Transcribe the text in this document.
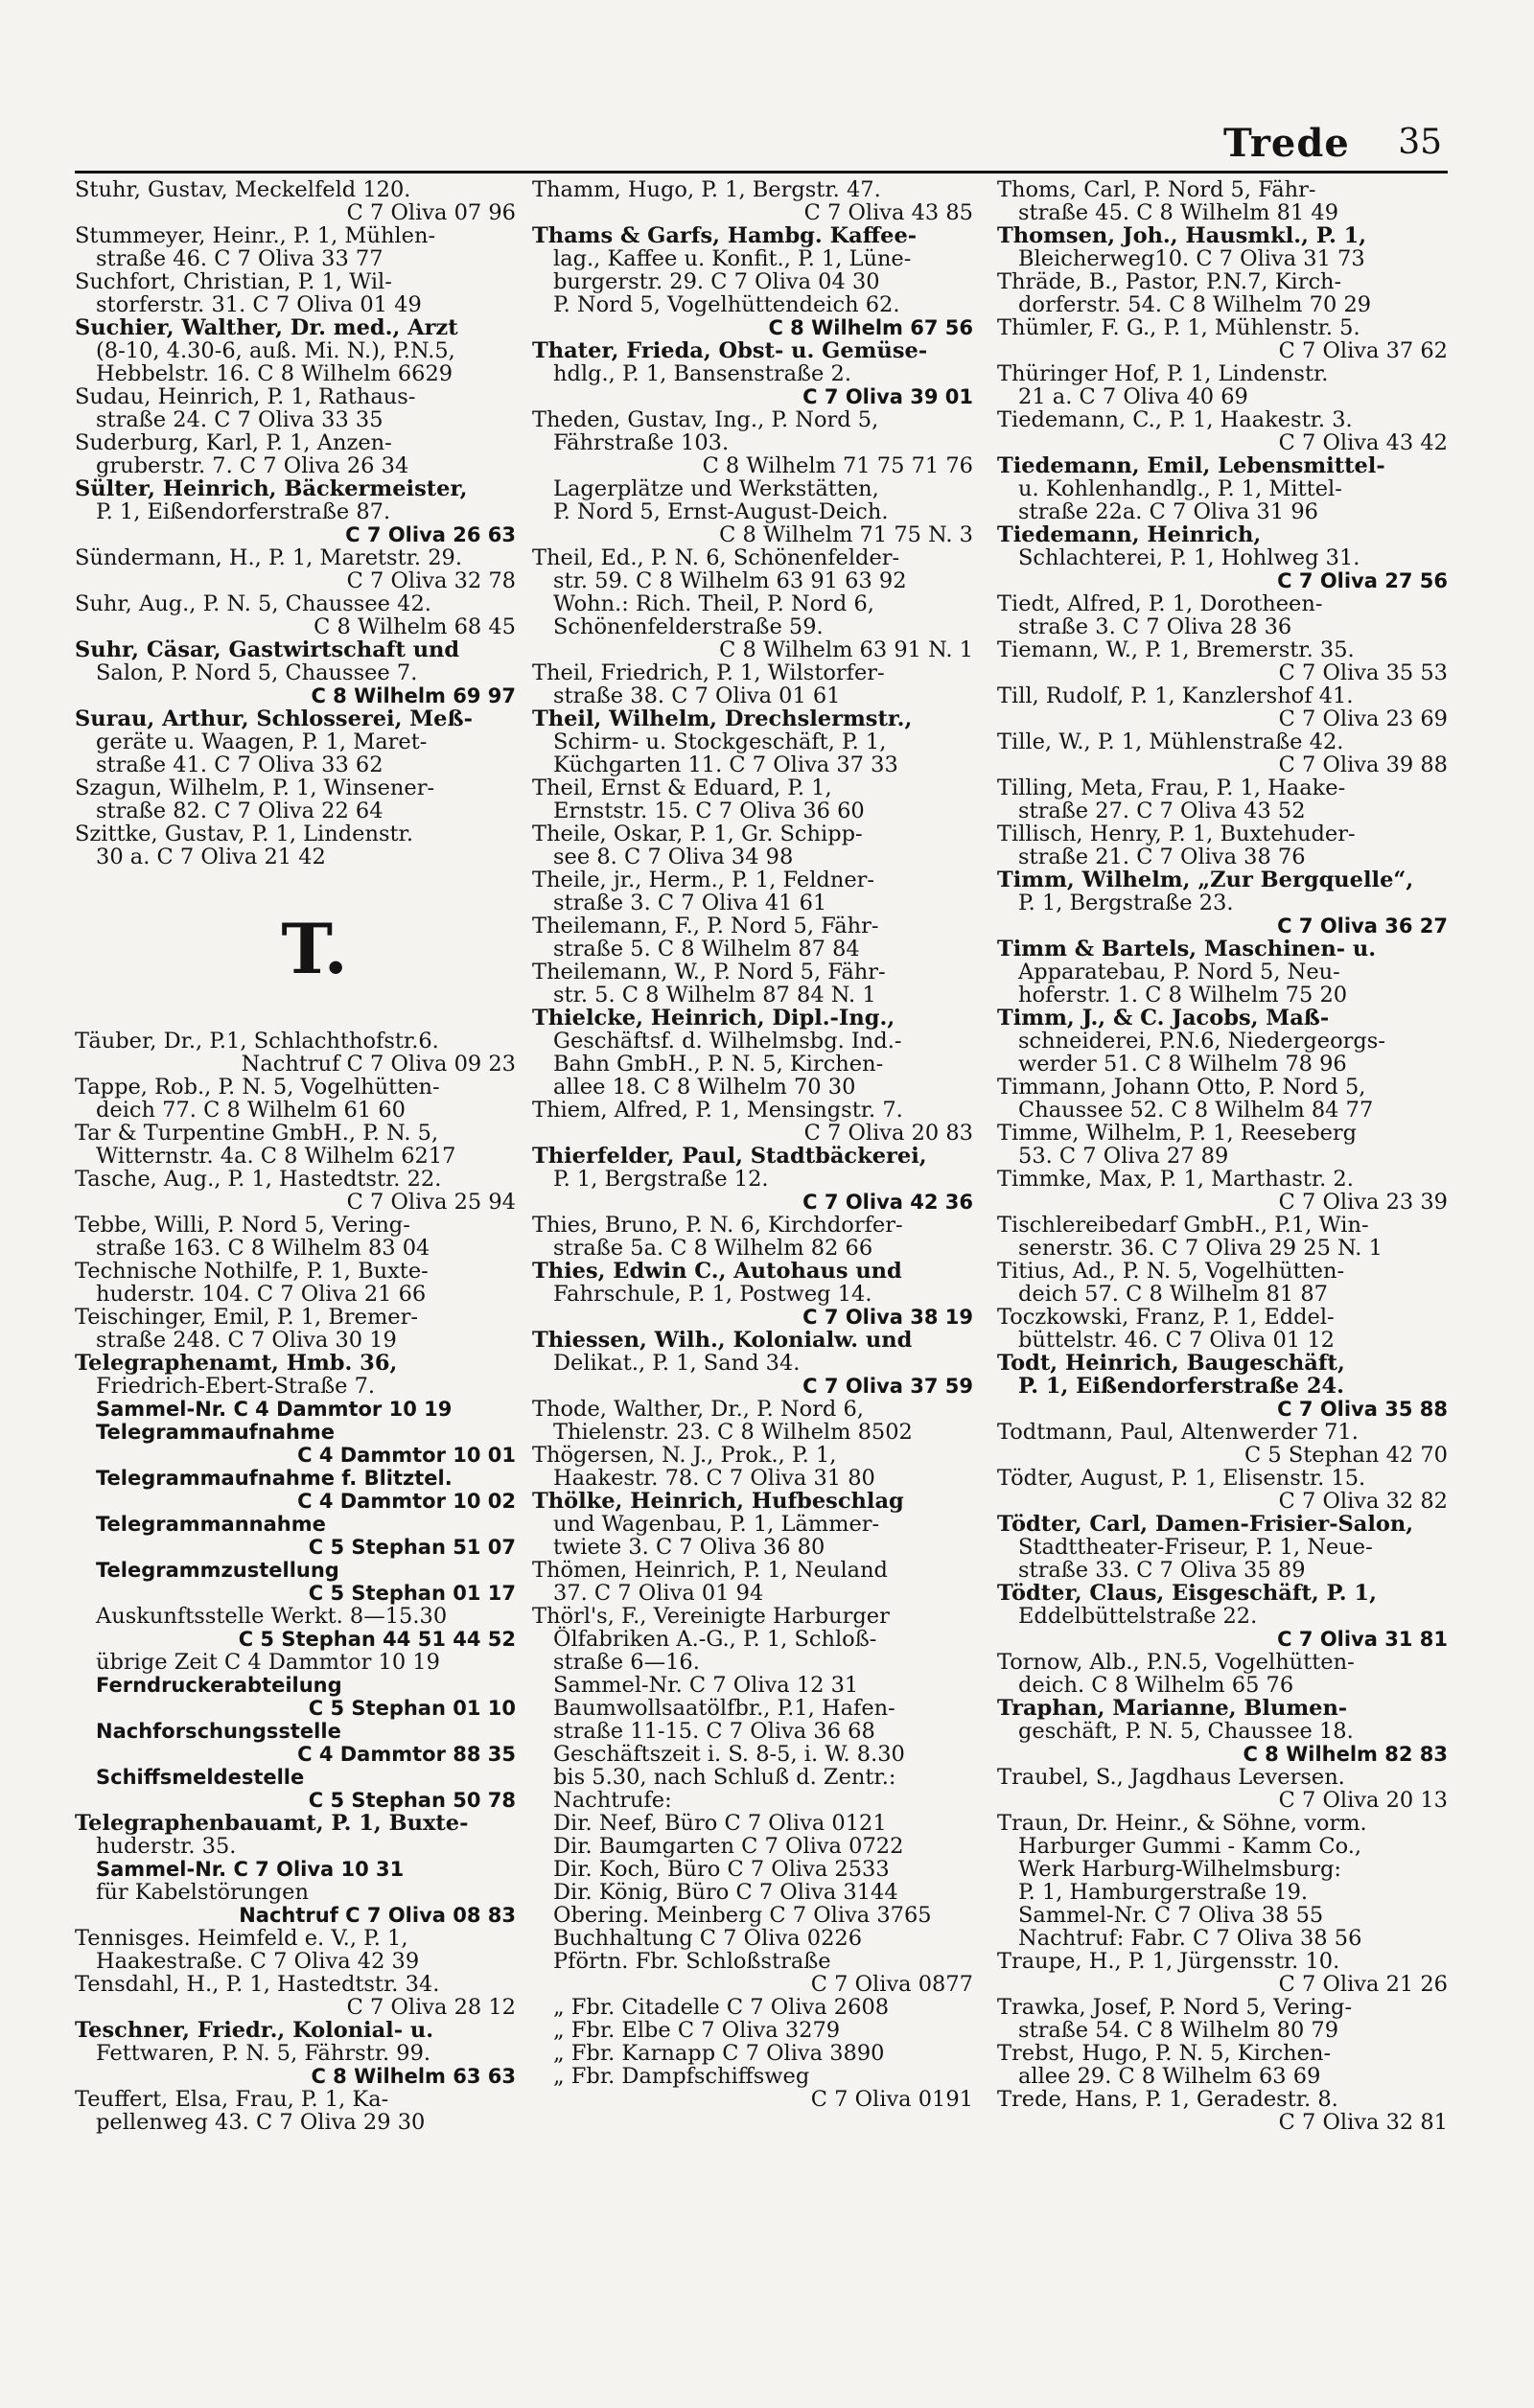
Trede 35
Stuhr, Gustav, Meckelfeld 120.
C 7 Oliva 07 96
Stummeyer, Heinr., P. 1, Mühlen-
straße 46. C 7 Oliva 33 77
Suchfort, Christian, P. 1, Wil-
storferstr. 31. C 7 Oliva 01 49
Suchier, Walther, Dr. med., Arzt
(8-10, 4.30-6, auß. Mi. N.), P.N.5,
Hebbelstr. 16. C 8 Wilhelm 6629
Sudau, Heinrich, P. 1, Rathaus-
straße 24. C 7 Oliva 33 35
Suderburg, Karl, P. 1, Anzen-
gruberstr. 7. C 7 Oliva 26 34
Sülter, Heinrich, Bäckermeister,
P. 1, Eißendorferstraße 87.
C 7 Oliva 26 63
Sündermann, H., P. 1, Maretstr. 29.
C 7 Oliva 32 78
Suhr, Aug., P. N. 5, Chaussee 42.
C 8 Wilhelm 68 45
Suhr, Cäsar, Gastwirtschaft und
Salon, P. Nord 5, Chaussee 7.
C 8 Wilhelm 69 97
Surau, Arthur, Schlosserei, Meß-
geräte u. Waagen, P. 1, Maret-
straße 41. C 7 Oliva 33 62
Szagun, Wilhelm, P. 1, Winsener-
straße 82. C 7 Oliva 22 64
Szittke, Gustav, P. 1, Lindenstr.
30 a. C 7 Oliva 21 42
T.
Täuber, Dr., P.1, Schlachthofstr.6.
Nachtruf C 7 Oliva 09 23
Tappe, Rob., P. N. 5, Vogelhütten-
deich 77. C 8 Wilhelm 61 60
Tar & Turpentine GmbH., P. N. 5,
Witternstr. 4a. C 8 Wilhelm 6217
Tasche, Aug., P. 1, Hastedtstr. 22.
C 7 Oliva 25 94
Tebbe, Willi, P. Nord 5, Vering-
straße 163. C 8 Wilhelm 83 04
Technische Nothilfe, P. 1, Buxte-
huderstr. 104. C 7 Oliva 21 66
Teischinger, Emil, P. 1, Bremer-
straße 248. C 7 Oliva 30 19
Telegraphenamt, Hmb. 36,
Friedrich-Ebert-Straße 7.
Sammel-Nr. C 4 Dammtor 10 19
Telegrammaufnahme
C 4 Dammtor 10 01
Telegrammaufnahme f. Blitztel.
C 4 Dammtor 10 02
Telegrammannahme
C 5 Stephan 51 07
Telegrammzustellung
C 5 Stephan 01 17
Auskunftsstelle Werkt. 8—15.30
C 5 Stephan 44 51 44 52
übrige Zeit C 4 Dammtor 10 19
Ferndruckerabteilung
C 5 Stephan 01 10
Nachforschungsstelle
C 4 Dammtor 88 35
Schiffsmeldestelle
C 5 Stephan 50 78
Telegraphenbauamt, P. 1, Buxte-
huderstr. 35.
Sammel-Nr. C 7 Oliva 10 31
für Kabelstörungen
Nachtruf C 7 Oliva 08 83
Tennisges. Heimfeld e. V., P. 1,
Haakestraße. C 7 Oliva 42 39
Tensdahl, H., P. 1, Hastedtstr. 34.
C 7 Oliva 28 12
Teschner, Friedr., Kolonial- u.
Fettwaren, P. N. 5, Fährstr. 99.
C 8 Wilhelm 63 63
Teuffert, Elsa, Frau, P. 1, Ka-
pellenweg 43. C 7 Oliva 29 30
Thamm, Hugo, P. 1, Bergstr. 47.
C 7 Oliva 43 85
Thams & Garfs, Hambg. Kaffee-
lag., Kaffee u. Konfit., P. 1, Lüne-
burgerstr. 29. C 7 Oliva 04 30
P. Nord 5, Vogelhüttendeich 62.
C 8 Wilhelm 67 56
Thater, Frieda, Obst- u. Gemüse-
hdlg., P. 1, Bansenstraße 2.
C 7 Oliva 39 01
Theden, Gustav, Ing., P. Nord 5,
Fährstraße 103.
C 8 Wilhelm 71 75 71 76
Lagerplätze und Werkstätten,
P. Nord 5, Ernst-August-Deich.
C 8 Wilhelm 71 75 N. 3
Theil, Ed., P. N. 6, Schönenfelder-
str. 59. C 8 Wilhelm 63 91 63 92
Wohn.: Rich. Theil, P. Nord 6,
Schönenfelderstraße 59.
C 8 Wilhelm 63 91 N. 1
Theil, Friedrich, P. 1, Wilstorfer-
straße 38. C 7 Oliva 01 61
Theil, Wilhelm, Drechslermstr.,
Schirm- u. Stockgeschäft, P. 1,
Küchgarten 11. C 7 Oliva 37 33
Theil, Ernst & Eduard, P. 1,
Ernststr. 15. C 7 Oliva 36 60
Theile, Oskar, P. 1, Gr. Schipp-
see 8. C 7 Oliva 34 98
Theile, jr., Herm., P. 1, Feldner-
straße 3. C 7 Oliva 41 61
Theilemann, F., P. Nord 5, Fähr-
straße 5. C 8 Wilhelm 87 84
Theilemann, W., P. Nord 5, Fähr-
str. 5. C 8 Wilhelm 87 84 N. 1
Thielcke, Heinrich, Dipl.-Ing.,
Geschäftsf. d. Wilhelmsbg. Ind.-
Bahn GmbH., P. N. 5, Kirchen-
allee 18. C 8 Wilhelm 70 30
Thiem, Alfred, P. 1, Mensingstr. 7.
C 7 Oliva 20 83
Thierfelder, Paul, Stadtbäckerei,
P. 1, Bergstraße 12.
C 7 Oliva 42 36
Thies, Bruno, P. N. 6, Kirchdorfer-
straße 5a. C 8 Wilhelm 82 66
Thies, Edwin C., Autohaus und
Fahrschule, P. 1, Postweg 14.
C 7 Oliva 38 19
Thiessen, Wilh., Kolonialw. und
Delikat., P. 1, Sand 34.
C 7 Oliva 37 59
Thode, Walther, Dr., P. Nord 6,
Thielenstr. 23. C 8 Wilhelm 8502
Thögersen, N. J., Prok., P. 1,
Haakestr. 78. C 7 Oliva 31 80
Thölke, Heinrich, Hufbeschlag
und Wagenbau, P. 1, Lämmer-
twiete 3. C 7 Oliva 36 80
Thömen, Heinrich, P. 1, Neuland
37. C 7 Oliva 01 94
Thörl's, F., Vereinigte Harburger
Ölfabriken A.-G., P. 1, Schloß-
straße 6—16.
Sammel-Nr. C 7 Oliva 12 31
Baumwollsaatölfbr., P.1, Hafen-
straße 11-15. C 7 Oliva 36 68
Geschäftszeit i. S. 8-5, i. W. 8.30
bis 5.30, nach Schluß d. Zentr.:
Nachtrufe:
Dir. Neef, Büro C 7 Oliva 0121
Dir. Baumgarten C 7 Oliva 0722
Dir. Koch, Büro C 7 Oliva 2533
Dir. König, Büro C 7 Oliva 3144
Obering. Meinberg C 7 Oliva 3765
Buchhaltung C 7 Oliva 0226
Pförtn. Fbr. Schloßstraße
C 7 Oliva 0877
„ Fbr. Citadelle C 7 Oliva 2608
„ Fbr. Elbe C 7 Oliva 3279
„ Fbr. Karnapp C 7 Oliva 3890
„ Fbr. Dampfschiffsweg
C 7 Oliva 0191
Thoms, Carl, P. Nord 5, Fähr-
straße 45. C 8 Wilhelm 81 49
Thomsen, Joh., Hausmkl., P. 1,
Bleicherweg10. C 7 Oliva 31 73
Thräde, B., Pastor, P.N.7, Kirch-
dorferstr. 54. C 8 Wilhelm 70 29
Thümler, F. G., P. 1, Mühlenstr. 5.
C 7 Oliva 37 62
Thüringer Hof, P. 1, Lindenstr.
21 a. C 7 Oliva 40 69
Tiedemann, C., P. 1, Haakestr. 3.
C 7 Oliva 43 42
Tiedemann, Emil, Lebensmittel-
u. Kohlenhandlg., P. 1, Mittel-
straße 22a. C 7 Oliva 31 96
Tiedemann, Heinrich,
Schlachterei, P. 1, Hohlweg 31.
C 7 Oliva 27 56
Tiedt, Alfred, P. 1, Dorotheen-
straße 3. C 7 Oliva 28 36
Tiemann, W., P. 1, Bremerstr. 35.
C 7 Oliva 35 53
Till, Rudolf, P. 1, Kanzlershof 41.
C 7 Oliva 23 69
Tille, W., P. 1, Mühlenstraße 42.
C 7 Oliva 39 88
Tilling, Meta, Frau, P. 1, Haake-
straße 27. C 7 Oliva 43 52
Tillisch, Henry, P. 1, Buxtehuder-
straße 21. C 7 Oliva 38 76
Timm, Wilhelm, „Zur Bergquelle“,
P. 1, Bergstraße 23.
C 7 Oliva 36 27
Timm & Bartels, Maschinen- u.
Apparatebau, P. Nord 5, Neu-
hoferstr. 1. C 8 Wilhelm 75 20
Timm, J., & C. Jacobs, Maß-
schneiderei, P.N.6, Niedergeorgs-
werder 51. C 8 Wilhelm 78 96
Timmann, Johann Otto, P. Nord 5,
Chaussee 52. C 8 Wilhelm 84 77
Timme, Wilhelm, P. 1, Reeseberg
53. C 7 Oliva 27 89
Timmke, Max, P. 1, Marthastr. 2.
C 7 Oliva 23 39
Tischlereibedarf GmbH., P.1, Win-
senerstr. 36. C 7 Oliva 29 25 N. 1
Titius, Ad., P. N. 5, Vogelhütten-
deich 57. C 8 Wilhelm 81 87
Toczkowski, Franz, P. 1, Eddel-
büttelstr. 46. C 7 Oliva 01 12
Todt, Heinrich, Baugeschäft,
P. 1, Eißendorferstraße 24.
C 7 Oliva 35 88
Todtmann, Paul, Altenwerder 71.
C 5 Stephan 42 70
Tödter, August, P. 1, Elisenstr. 15.
C 7 Oliva 32 82
Tödter, Carl, Damen-Frisier-Salon,
Stadttheater-Friseur, P. 1, Neue-
straße 33. C 7 Oliva 35 89
Tödter, Claus, Eisgeschäft, P. 1,
Eddelbüttelstraße 22.
C 7 Oliva 31 81
Tornow, Alb., P.N.5, Vogelhütten-
deich. C 8 Wilhelm 65 76
Traphan, Marianne, Blumen-
geschäft, P. N. 5, Chaussee 18.
C 8 Wilhelm 82 83
Traubel, S., Jagdhaus Leversen.
C 7 Oliva 20 13
Traun, Dr. Heinr., & Söhne, vorm.
Harburger Gummi - Kamm Co.,
Werk Harburg-Wilhelmsburg:
P. 1, Hamburgerstraße 19.
Sammel-Nr. C 7 Oliva 38 55
Nachtruf: Fabr. C 7 Oliva 38 56
Traupe, H., P. 1, Jürgensstr. 10.
C 7 Oliva 21 26
Trawka, Josef, P. Nord 5, Vering-
straße 54. C 8 Wilhelm 80 79
Trebst, Hugo, P. N. 5, Kirchen-
allee 29. C 8 Wilhelm 63 69
Trede, Hans, P. 1, Geradestr. 8.
C 7 Oliva 32 81
